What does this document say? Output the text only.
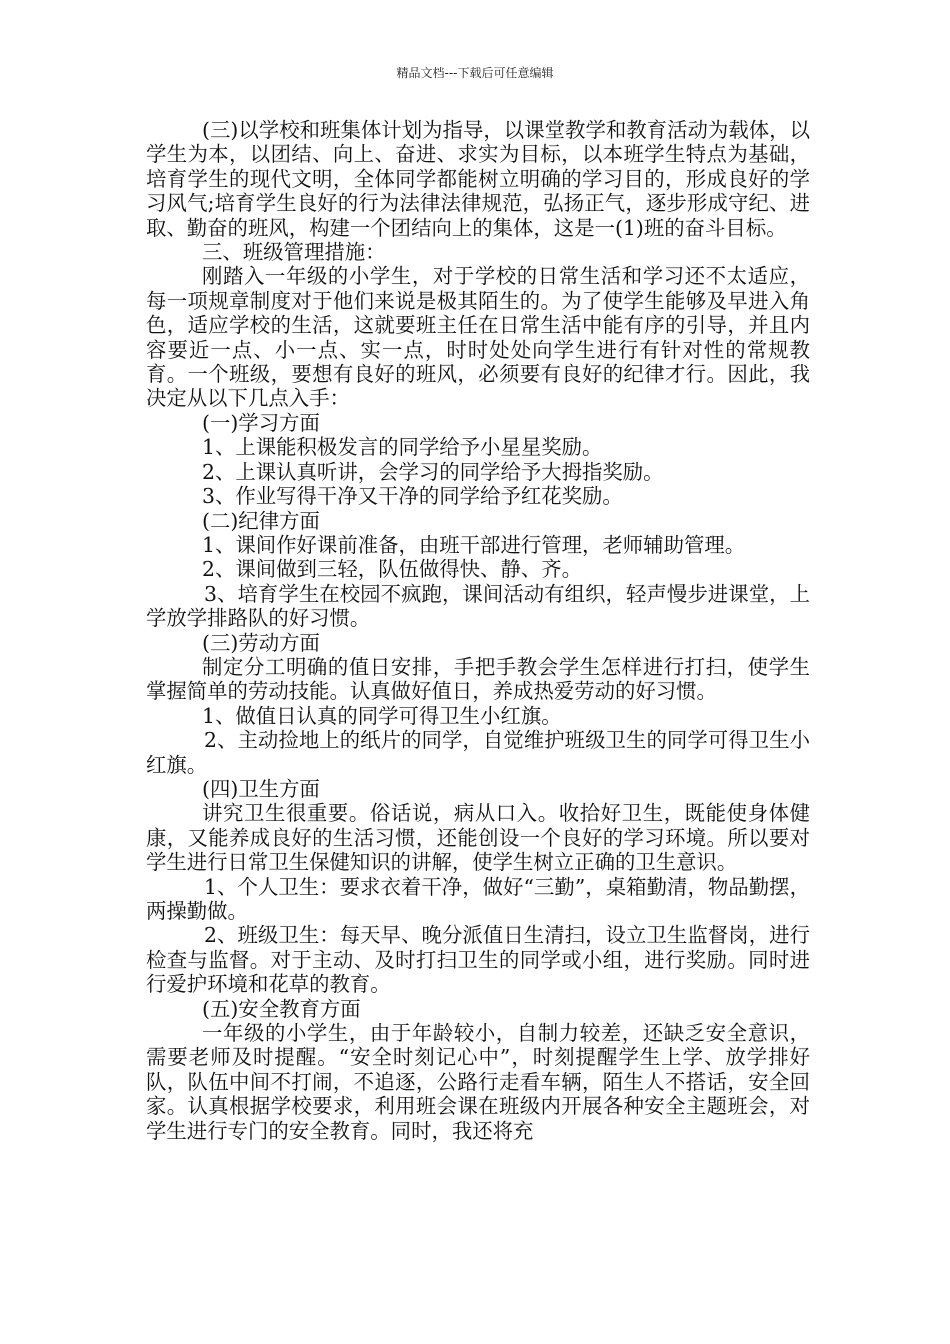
精品文档---下载后可任意编辑

(三)以学校和班集体计划为指导，以课堂教学和教育活动为载体，以学生为本，以团结、向上、奋进、求实为目标，以本班学生特点为基础，培育学生的现代文明，全体同学都能树立明确的学习目的，形成良好的学习风气;培育学生良好的行为法律法律规范，弘扬正气，逐步形成守纪、进取、勤奋的班风，构建一个团结向上的集体，这是一(1)班的奋斗目标。

三、班级管理措施：

刚踏入一年级的小学生，对于学校的日常生活和学习还不太适应，每一项规章制度对于他们来说是极其陌生的。为了使学生能够及早进入角色，适应学校的生活，这就要班主任在日常生活中能有序的引导，并且内容要近一点、小一点、实一点，时时处处向学生进行有针对性的常规教育。一个班级，要想有良好的班风，必须要有良好的纪律才行。因此，我决定从以下几点入手：

(一)学习方面

1、上课能积极发言的同学给予小星星奖励。

2、上课认真听讲，会学习的同学给予大拇指奖励。

3、作业写得干净又干净的同学给予红花奖励。

(二)纪律方面

1、课间作好课前准备，由班干部进行管理，老师辅助管理。

2、课间做到三轻，队伍做得快、静、齐。

3、培育学生在校园不疯跑，课间活动有组织，轻声慢步进课堂，上学放学排路队的好习惯。

(三)劳动方面

制定分工明确的值日安排，手把手教会学生怎样进行打扫，使学生掌握简单的劳动技能。认真做好值日，养成热爱劳动的好习惯。

1、做值日认真的同学可得卫生小红旗。

2、主动捡地上的纸片的同学，自觉维护班级卫生的同学可得卫生小红旗。

(四)卫生方面

讲究卫生很重要。俗话说，病从口入。收拾好卫生，既能使身体健康，又能养成良好的生活习惯，还能创设一个良好的学习环境。所以要对学生进行日常卫生保健知识的讲解，使学生树立正确的卫生意识。

1、个人卫生：要求衣着干净，做好“三勤”，桌箱勤清，物品勤摆，两操勤做。

2、班级卫生：每天早、晚分派值日生清扫，设立卫生监督岗，进行检查与监督。对于主动、及时打扫卫生的同学或小组，进行奖励。同时进行爱护环境和花草的教育。

(五)安全教育方面

一年级的小学生，由于年龄较小，自制力较差，还缺乏安全意识，需要老师及时提醒。“安全时刻记心中”，时刻提醒学生上学、放学排好队，队伍中间不打闹，不追逐，公路行走看车辆，陌生人不搭话，安全回家。认真根据学校要求，利用班会课在班级内开展各种安全主题班会，对学生进行专门的安全教育。同时，我还将充
